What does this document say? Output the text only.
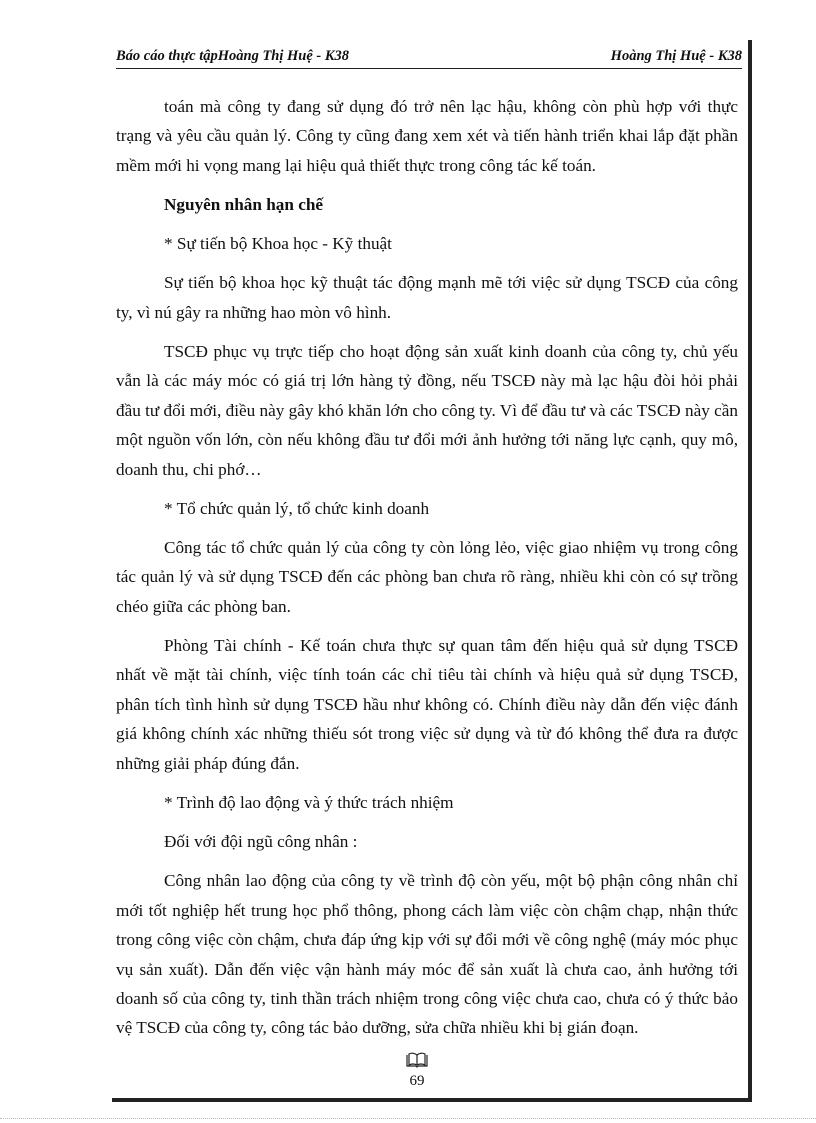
Báo cáo thực tậpHoàng Thị Huệ - K38	Hoàng Thị Huệ - K38

toán mà công ty đang sử dụng đó trở nên lạc hậu, không còn phù hợp với thực trạng và yêu cầu quản lý. Công ty cũng đang xem xét và tiến hành triển khai lắp đặt phần mềm mới hi vọng mang lại hiệu quả thiết thực trong công tác kế toán.

Nguyên nhân hạn chế

* Sự tiến bộ Khoa học - Kỹ thuật

Sự tiến bộ khoa học kỹ thuật tác động mạnh mẽ tới việc sử dụng TSCĐ của công ty, vì nú gây ra những hao mòn vô hình.

TSCĐ phục vụ trực tiếp cho hoạt động sản xuất kinh doanh của công ty, chủ yếu vẫn là các máy móc có giá trị lớn hàng tỷ đồng, nếu TSCĐ này mà lạc hậu đòi hỏi phải đầu tư đổi mới, điều này gây khó khăn lớn cho công ty. Vì để đầu tư và các TSCĐ này cần một nguồn vốn lớn, còn nếu không đầu tư đổi mới ảnh hưởng tới năng lực cạnh, quy mô, doanh thu, chi phớ…

* Tổ chức quản lý, tổ chức kinh doanh

Công tác tổ chức quản lý của công ty còn lỏng lẻo, việc giao nhiệm vụ trong công tác quản lý và sử dụng TSCĐ đến các phòng ban chưa rõ ràng, nhiều khi còn có sự trồng chéo giữa các phòng ban.

Phòng Tài chính - Kế toán chưa thực sự quan tâm đến hiệu quả sử dụng TSCĐ nhất về mặt tài chính, việc tính toán các chỉ tiêu tài chính và hiệu quả sử dụng TSCĐ, phân tích tình hình sử dụng TSCĐ hầu như không có. Chính điều này dẫn đến việc đánh giá không chính xác những thiếu sót trong việc sử dụng và từ đó không thể đưa ra được những giải pháp đúng đắn.

* Trình độ lao động và ý thức trách nhiệm

Đối với đội ngũ công nhân :

Công nhân lao động của công ty về trình độ còn yếu, một bộ phận công nhân chỉ mới tốt nghiệp hết trung học phổ thông, phong cách làm việc còn chậm chạp, nhận thức trong công việc còn chậm, chưa đáp ứng kịp với sự đổi mới về công nghệ (máy móc phục vụ sản xuất). Dẫn đến việc vận hành máy móc để sản xuất là chưa cao, ảnh hưởng tới doanh số của công ty, tinh thần trách nhiệm trong công việc chưa cao, chưa có ý thức bảo vệ TSCĐ của công ty, công tác bảo dưỡng, sửa chữa nhiều khi bị gián đoạn.

69
